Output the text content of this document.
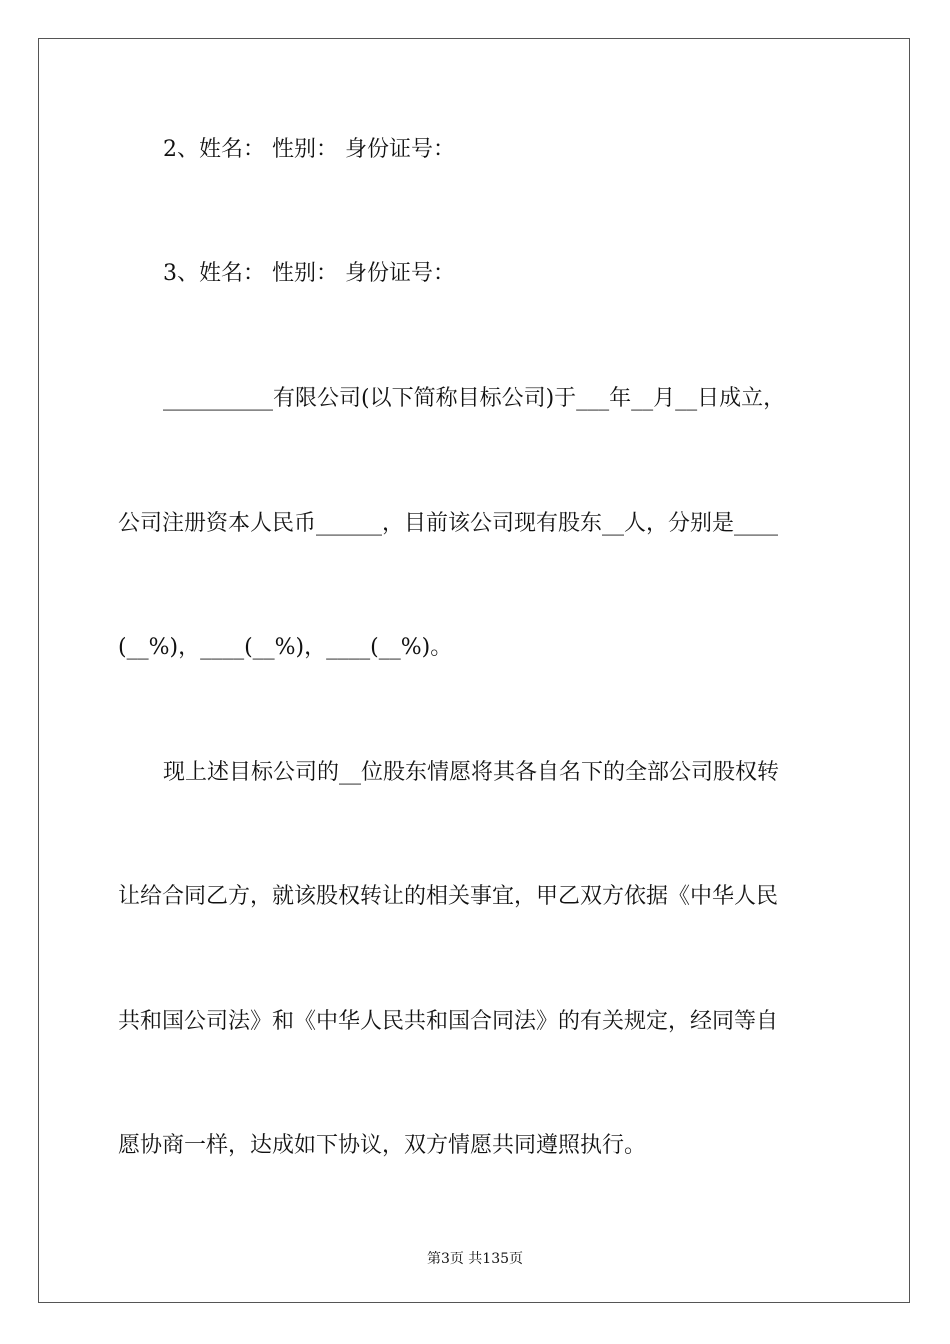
2、姓名： 性别： 身份证号：
3、姓名： 性别： 身份证号：
__________有限公司(以下简称目标公司)于___年__月__日成立，
公司注册资本人民币______，目前该公司现有股东__人，分别是____
(__%)，____(__%)，____(__%)。
现上述目标公司的__位股东情愿将其各自名下的全部公司股权转
让给合同乙方，就该股权转让的相关事宜，甲乙双方依据《中华人民
共和国公司法》和《中华人民共和国合同法》的有关规定，经同等自
愿协商一样，达成如下协议，双方情愿共同遵照执行。
第3页 共135页
